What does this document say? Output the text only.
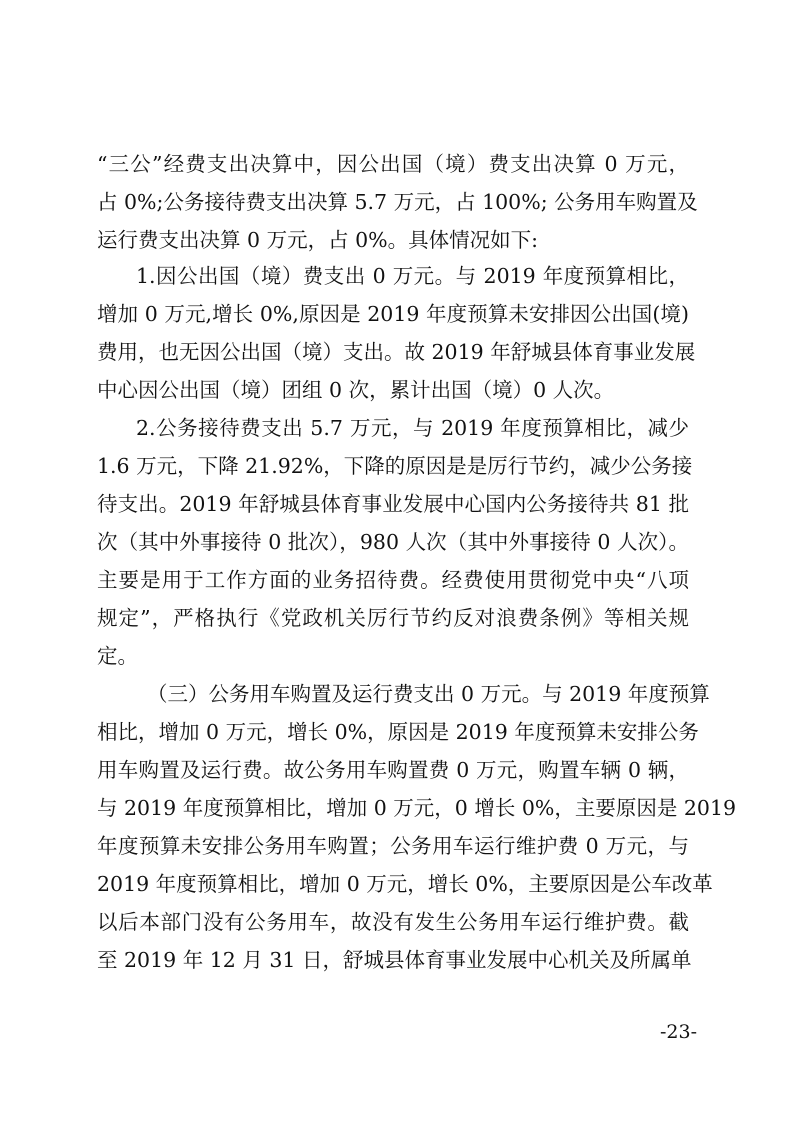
“三公”经费支出决算中，因公出国（境）费支出决算 0 万元，
占 0%;公务接待费支出决算 5.7 万元，占 100%; 公务用车购置及
运行费支出决算 0 万元，占 0%。具体情况如下:
1.因公出国（境）费支出 0 万元。与 2019 年度预算相比，
增加 0 万元,增长 0%,原因是 2019 年度预算未安排因公出国(境)
费用，也无因公出国（境）支出。故 2019 年舒城县体育事业发展
中心因公出国（境）团组 0 次，累计出国（境）0 人次。
2.公务接待费支出 5.7 万元，与 2019 年度预算相比，减少
1.6 万元，下降 21.92%，下降的原因是是厉行节约，减少公务接
待支出。2019 年舒城县体育事业发展中心国内公务接待共 81 批
次（其中外事接待 0 批次），980 人次（其中外事接待 0 人次）。
主要是用于工作方面的业务招待费。经费使用贯彻党中央“八项
规定”，严格执行《党政机关厉行节约反对浪费条例》等相关规
定。
（三）公务用车购置及运行费支出 0 万元。与 2019 年度预算
相比，增加 0 万元，增长 0%，原因是 2019 年度预算未安排公务
用车购置及运行费。故公务用车购置费 0 万元，购置车辆 0 辆，
与 2019 年度预算相比，增加 0 万元，0 增长 0%，主要原因是 2019
年度预算未安排公务用车购置；公务用车运行维护费 0 万元，与
2019 年度预算相比，增加 0 万元，增长 0%，主要原因是公车改革
以后本部门没有公务用车，故没有发生公务用车运行维护费。截
至 2019 年 12 月 31 日，舒城县体育事业发展中心机关及所属单
-23-
